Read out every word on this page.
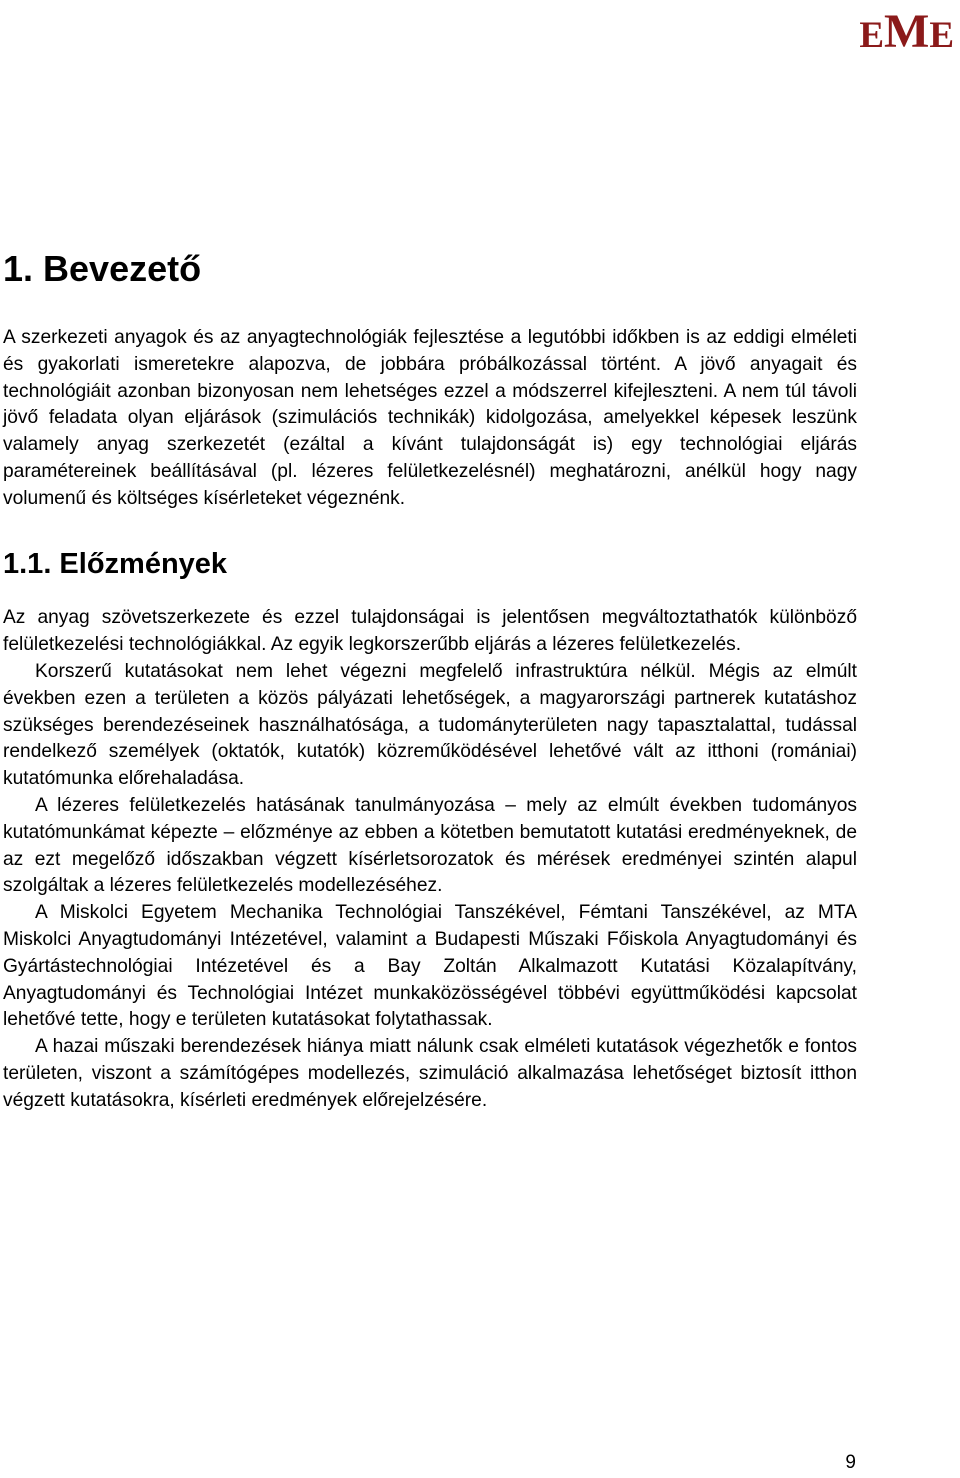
EME
1. Bevezető

A szerkezeti anyagok és az anyagtechnológiák fejlesztése a legutóbbi időkben is az eddigi elméleti és gyakorlati ismeretekre alapozva, de jobbára próbálkozással történt. A jövő anyagait és technológiáit azonban bizonyosan nem lehetséges ezzel a módszerrel kifejleszteni. A nem túl távoli jövő feladata olyan eljárások (szimulációs technikák) kidolgozása, amelyekkel képesek leszünk valamely anyag szerkezetét (ezáltal a kívánt tulajdonságát is) egy technológiai eljárás paramétereinek beállításával (pl. lézeres felületkezelésnél) meghatározni, anélkül hogy nagy volumenű és költséges kísérleteket végeznénk.

1.1. Előzmények

Az anyag szövetszerkezete és ezzel tulajdonságai is jelentősen megváltoztathatók különböző felületkezelési technológiákkal. Az egyik legkorszerűbb eljárás a lézeres felületkezelés.

Korszerű kutatásokat nem lehet végezni megfelelő infrastruktúra nélkül. Mégis az elmúlt években ezen a területen a közös pályázati lehetőségek, a magyarországi partnerek kutatáshoz szükséges berendezéseinek használhatósága, a tudományterületen nagy tapasztalattal, tudással rendelkező személyek (oktatók, kutatók) közreműködésével lehetővé vált az itthoni (romániai) kutatómunka előrehaladása.

A lézeres felületkezelés hatásának tanulmányozása – mely az elmúlt években tudományos kutatómunkámat képezte – előzménye az ebben a kötetben bemutatott kutatási eredményeknek, de az ezt megelőző időszakban végzett kísérletsorozatok és mérések eredményei szintén alapul szolgáltak a lézeres felületkezelés modellezéséhez.

A Miskolci Egyetem Mechanika Technológiai Tanszékével, Fémtani Tanszékével, az MTA Miskolci Anyagtudományi Intézetével, valamint a Budapesti Műszaki Főiskola Anyagtudományi és Gyártástechnológiai Intézetével és a Bay Zoltán Alkalmazott Kutatási Közalapítvány, Anyagtudományi és Technológiai Intézet munkaközösségével többévi együttműködési kapcsolat lehetővé tette, hogy e területen kutatásokat folytathassak.

A hazai műszaki berendezések hiánya miatt nálunk csak elméleti kutatások végezhetők e fontos területen, viszont a számítógépes modellezés, szimuláció alkalmazása lehetőséget biztosít itthon végzett kutatásokra, kísérleti eredmények előrejelzésére.

9
